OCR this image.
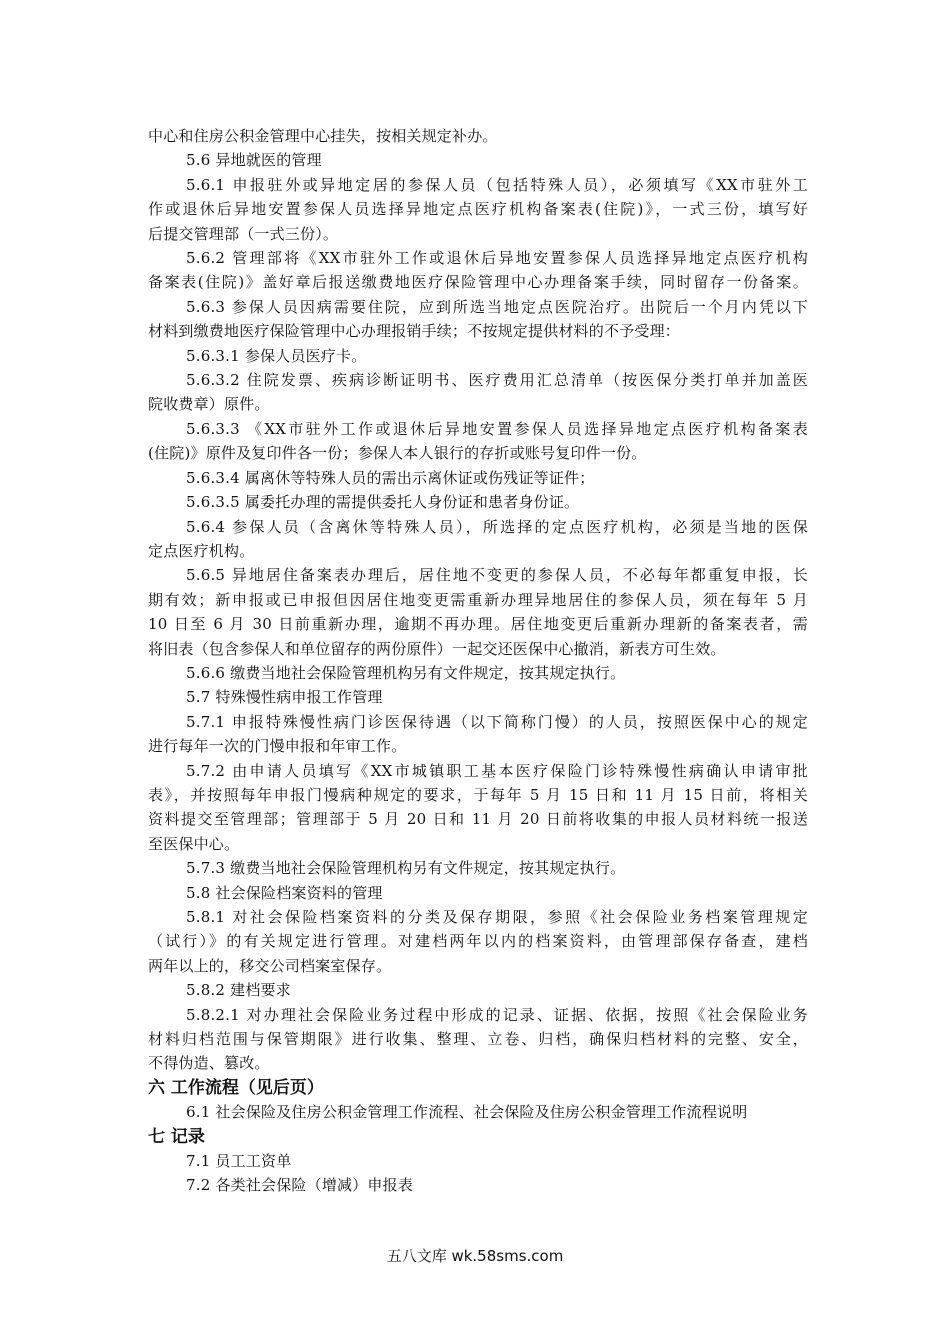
中心和住房公积金管理中心挂失，按相关规定补办。
5.6 异地就医的管理
5.6.1 申报驻外或异地定居的参保人员（包括特殊人员），必须填写《XX市驻外工
作或退休后异地安置参保人员选择异地定点医疗机构备案表(住院)》，一式三份，填写好
后提交管理部（一式三份）。
5.6.2 管理部将《XX市驻外工作或退休后异地安置参保人员选择异地定点医疗机构
备案表(住院)》盖好章后报送缴费地医疗保险管理中心办理备案手续，同时留存一份备案。
5.6.3 参保人员因病需要住院，应到所选当地定点医院治疗。出院后一个月内凭以下
材料到缴费地医疗保险管理中心办理报销手续；不按规定提供材料的不予受理：
5.6.3.1 参保人员医疗卡。
5.6.3.2 住院发票、疾病诊断证明书、医疗费用汇总清单（按医保分类打单并加盖医
院收费章）原件。
5.6.3.3 《XX市驻外工作或退休后异地安置参保人员选择异地定点医疗机构备案表
(住院)》原件及复印件各一份；参保人本人银行的存折或账号复印件一份。
5.6.3.4 属离休等特殊人员的需出示离休证或伤残证等证件；
5.6.3.5 属委托办理的需提供委托人身份证和患者身份证。
5.6.4 参保人员（含离休等特殊人员），所选择的定点医疗机构，必须是当地的医保
定点医疗机构。
5.6.5 异地居住备案表办理后，居住地不变更的参保人员，不必每年都重复申报，长
期有效；新申报或已申报但因居住地变更需重新办理异地居住的参保人员，须在每年 5 月
10 日至 6 月 30 日前重新办理，逾期不再办理。居住地变更后重新办理新的备案表者，需
将旧表（包含参保人和单位留存的两份原件）一起交还医保中心撤消，新表方可生效。
5.6.6 缴费当地社会保险管理机构另有文件规定，按其规定执行。
5.7 特殊慢性病申报工作管理
5.7.1 申报特殊慢性病门诊医保待遇（以下简称门慢）的人员，按照医保中心的规定
进行每年一次的门慢申报和年审工作。
5.7.2 由申请人员填写《XX市城镇职工基本医疗保险门诊特殊慢性病确认申请审批
表》，并按照每年申报门慢病种规定的要求，于每年 5 月 15 日和 11 月 15 日前，将相关
资料提交至管理部；管理部于 5 月 20 日和 11 月 20 日前将收集的申报人员材料统一报送
至医保中心。
5.7.3 缴费当地社会保险管理机构另有文件规定，按其规定执行。
5.8 社会保险档案资料的管理
5.8.1 对社会保险档案资料的分类及保存期限，参照《社会保险业务档案管理规定
（试行）》的有关规定进行管理。对建档两年以内的档案资料，由管理部保存备查，建档
两年以上的，移交公司档案室保存。
5.8.2 建档要求
5.8.2.1 对办理社会保险业务过程中形成的记录、证据、依据，按照《社会保险业务
材料归档范围与保管期限》进行收集、整理、立卷、归档，确保归档材料的完整、安全，
不得伪造、篡改。
六 工作流程（见后页）
6.1 社会保险及住房公积金管理工作流程、社会保险及住房公积金管理工作流程说明
七 记录
7.1 员工工资单
7.2 各类社会保险（增减）申报表
五八文库 wk.58sms.com
